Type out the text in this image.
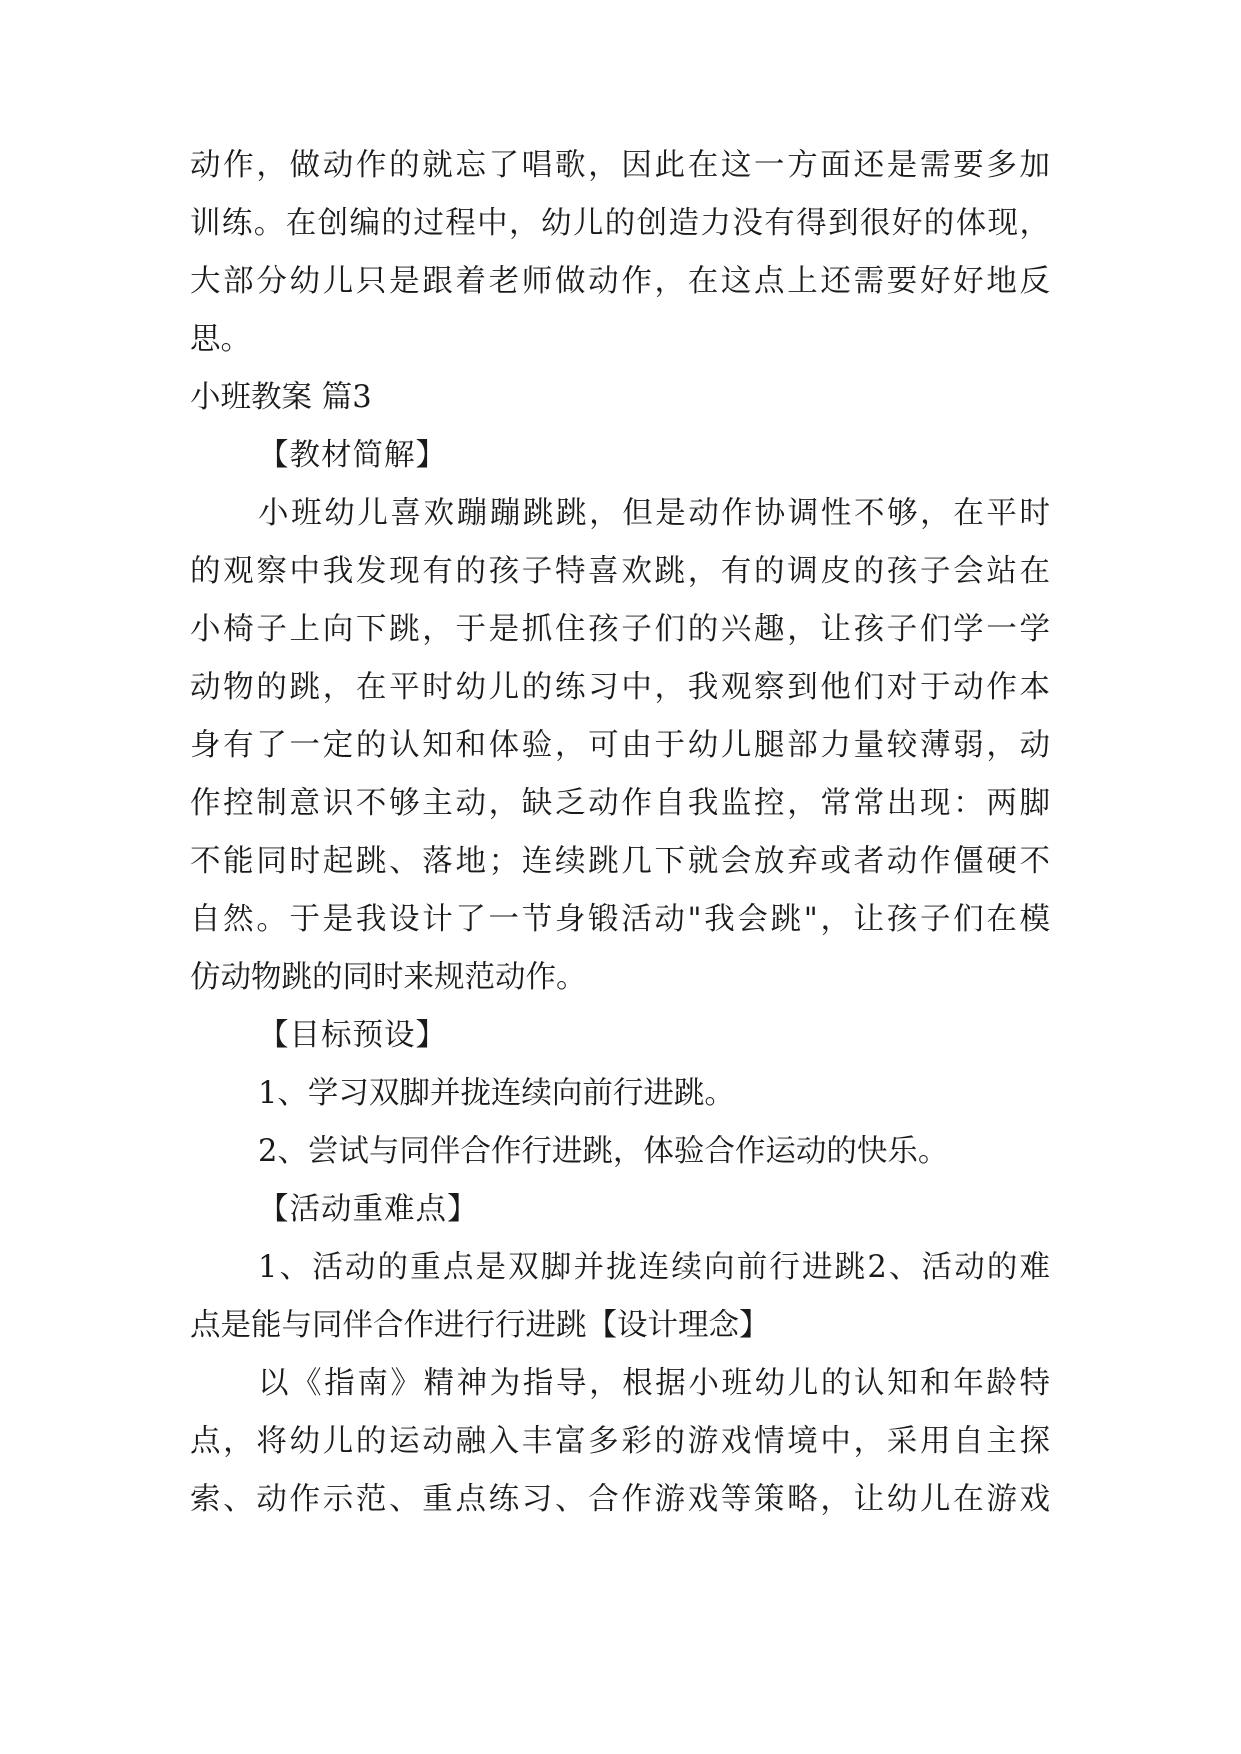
动作，做动作的就忘了唱歌，因此在这一方面还是需要多加
训练。在创编的过程中，幼儿的创造力没有得到很好的体现，
大部分幼儿只是跟着老师做动作，在这点上还需要好好地反
思。
小班教案 篇3
【教材简解】
小班幼儿喜欢蹦蹦跳跳，但是动作协调性不够，在平时
的观察中我发现有的孩子特喜欢跳，有的调皮的孩子会站在
小椅子上向下跳，于是抓住孩子们的兴趣，让孩子们学一学
动物的跳，在平时幼儿的练习中，我观察到他们对于动作本
身有了一定的认知和体验，可由于幼儿腿部力量较薄弱，动
作控制意识不够主动，缺乏动作自我监控，常常出现：两脚
不能同时起跳、落地；连续跳几下就会放弃或者动作僵硬不
自然。于是我设计了一节身锻活动"我会跳"，让孩子们在模
仿动物跳的同时来规范动作。
【目标预设】
1、学习双脚并拢连续向前行进跳。
2、尝试与同伴合作行进跳，体验合作运动的快乐。
【活动重难点】
1、活动的重点是双脚并拢连续向前行进跳2、活动的难
点是能与同伴合作进行行进跳【设计理念】
以《指南》精神为指导，根据小班幼儿的认知和年龄特
点，将幼儿的运动融入丰富多彩的游戏情境中，采用自主探
索、动作示范、重点练习、合作游戏等策略，让幼儿在游戏
